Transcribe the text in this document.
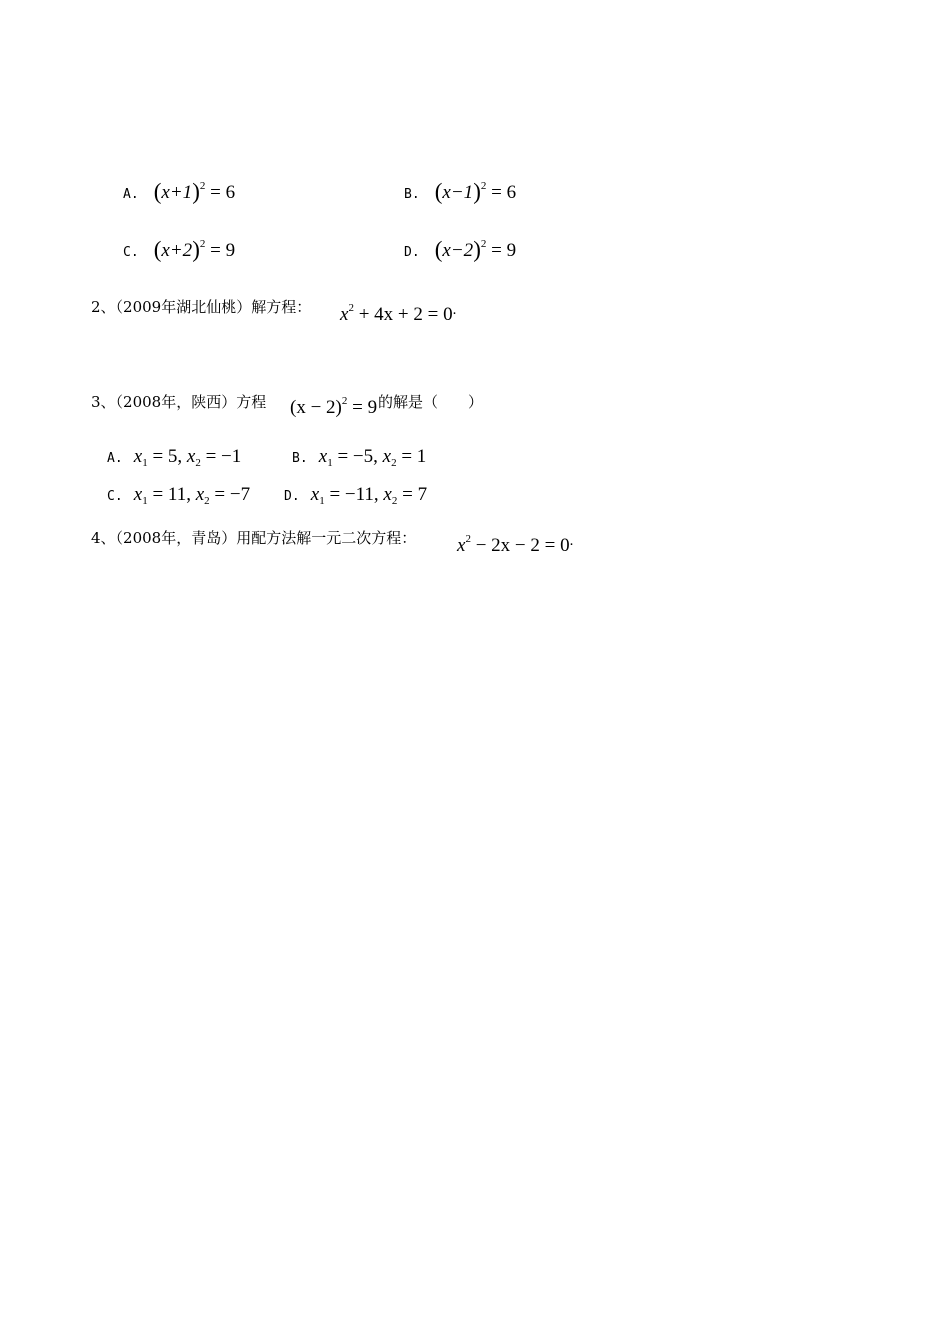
A. $(x+1)^2 = 6$	B. $(x-1)^2 = 6$
C. $(x+2)^2 = 9$	D. $(x-2)^2 = 9$
2、（2009年湖北仙桃）解方程： $x^2 + 4x + 2 = 0^.$
3、（2008年，陕西）方程 $(x - 2)^2 = 9$ 的解是（　　）
A. $x_1 = 5$, $x_2 = -1$	B. $x_1 = -5$, $x_2 = 1$
C. $x_1 = 11$, $x_2 = -7$	D. $x_1 = -11$, $x_2 = 7$
4、（2008年，青岛）用配方法解一元二次方程： $x^2 - 2x - 2 = 0^.$
